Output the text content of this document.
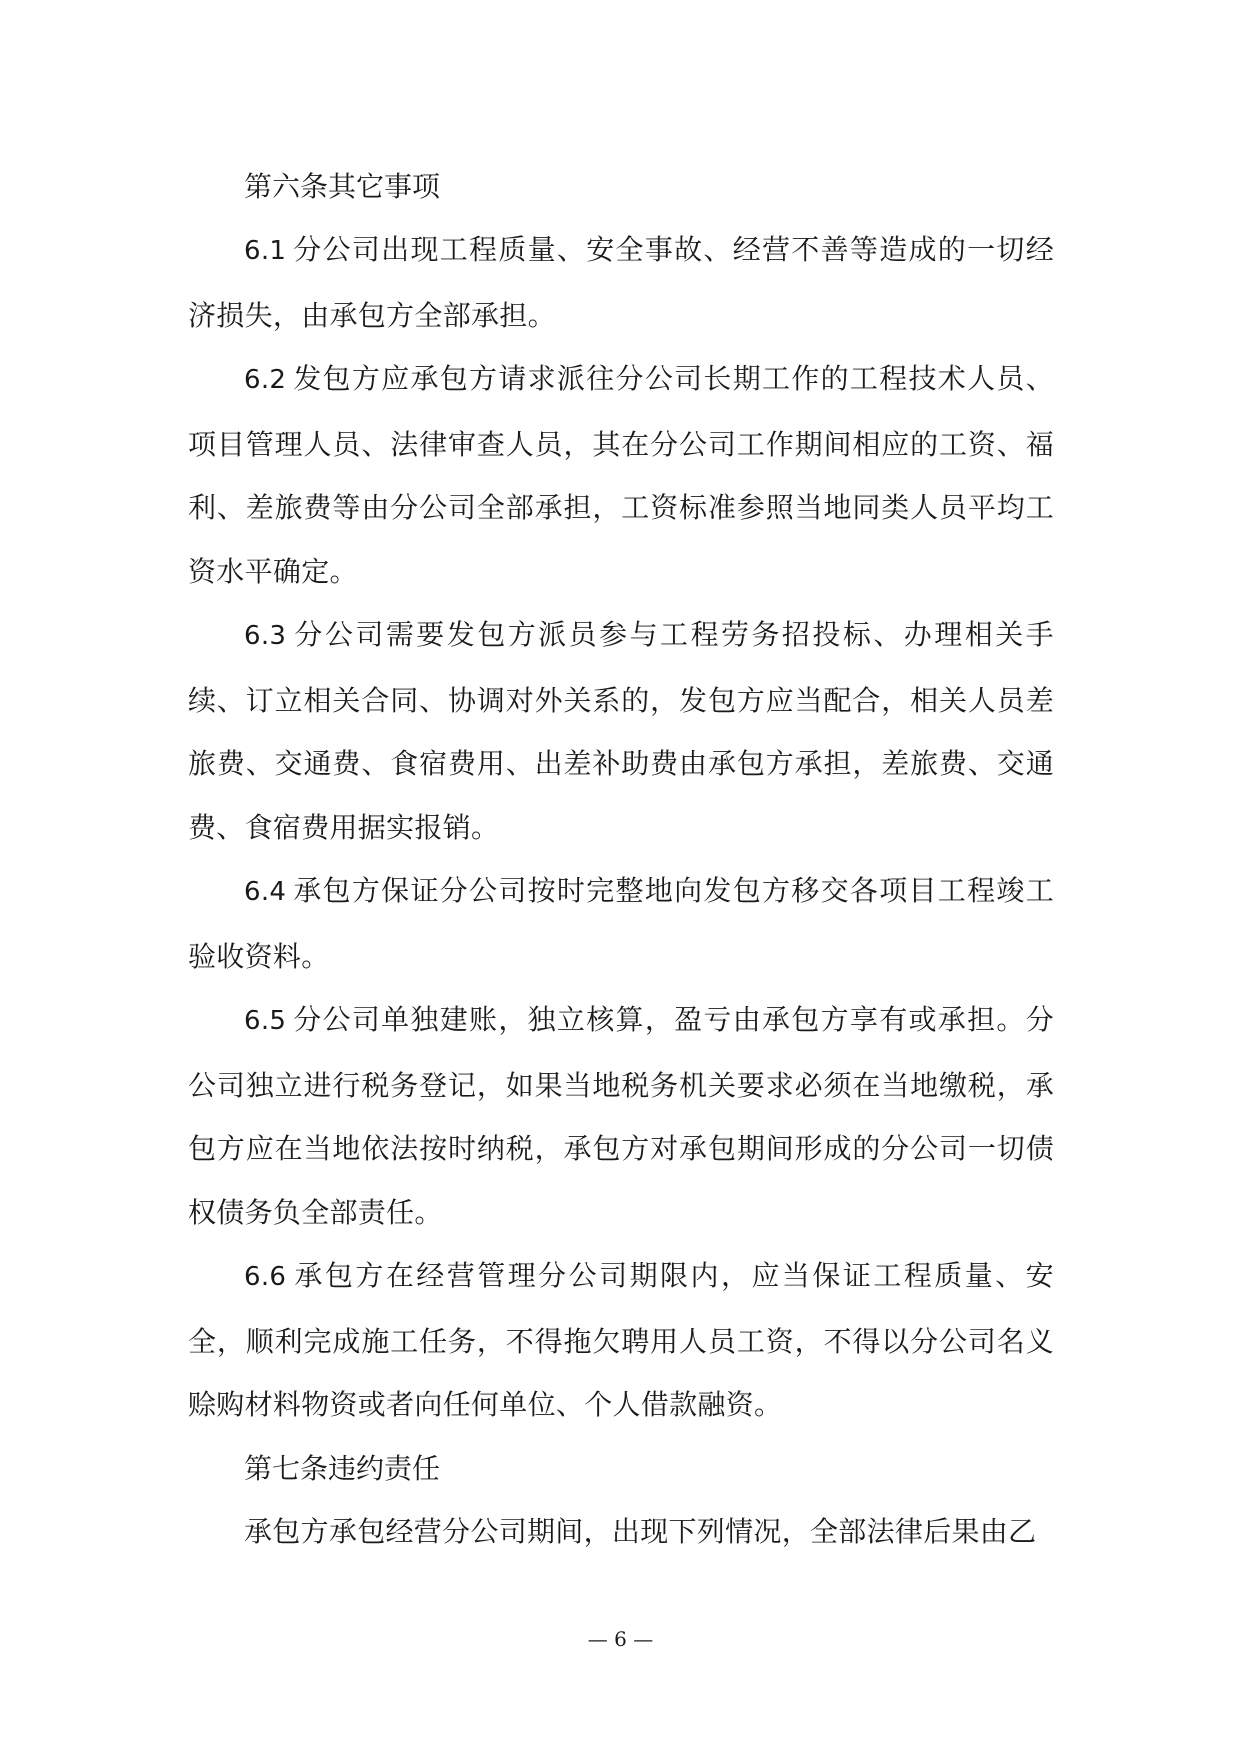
第六条其它事项

6.1 分公司出现工程质量、安全事故、经营不善等造成的一切经济损失，由承包方全部承担。

6.2 发包方应承包方请求派往分公司长期工作的工程技术人员、项目管理人员、法律审查人员，其在分公司工作期间相应的工资、福利、差旅费等由分公司全部承担，工资标准参照当地同类人员平均工资水平确定。

6.3 分公司需要发包方派员参与工程劳务招投标、办理相关手续、订立相关合同、协调对外关系的，发包方应当配合，相关人员差旅费、交通费、食宿费用、出差补助费由承包方承担，差旅费、交通费、食宿费用据实报销。

6.4 承包方保证分公司按时完整地向发包方移交各项目工程竣工验收资料。

6.5 分公司单独建账，独立核算，盈亏由承包方享有或承担。分公司独立进行税务登记，如果当地税务机关要求必须在当地缴税，承包方应在当地依法按时纳税，承包方对承包期间形成的分公司一切债权债务负全部责任。

6.6 承包方在经营管理分公司期限内，应当保证工程质量、安全，顺利完成施工任务，不得拖欠聘用人员工资，不得以分公司名义赊购材料物资或者向任何单位、个人借款融资。

第七条违约责任

承包方承包经营分公司期间，出现下列情况，全部法律后果由乙

— 6 —
